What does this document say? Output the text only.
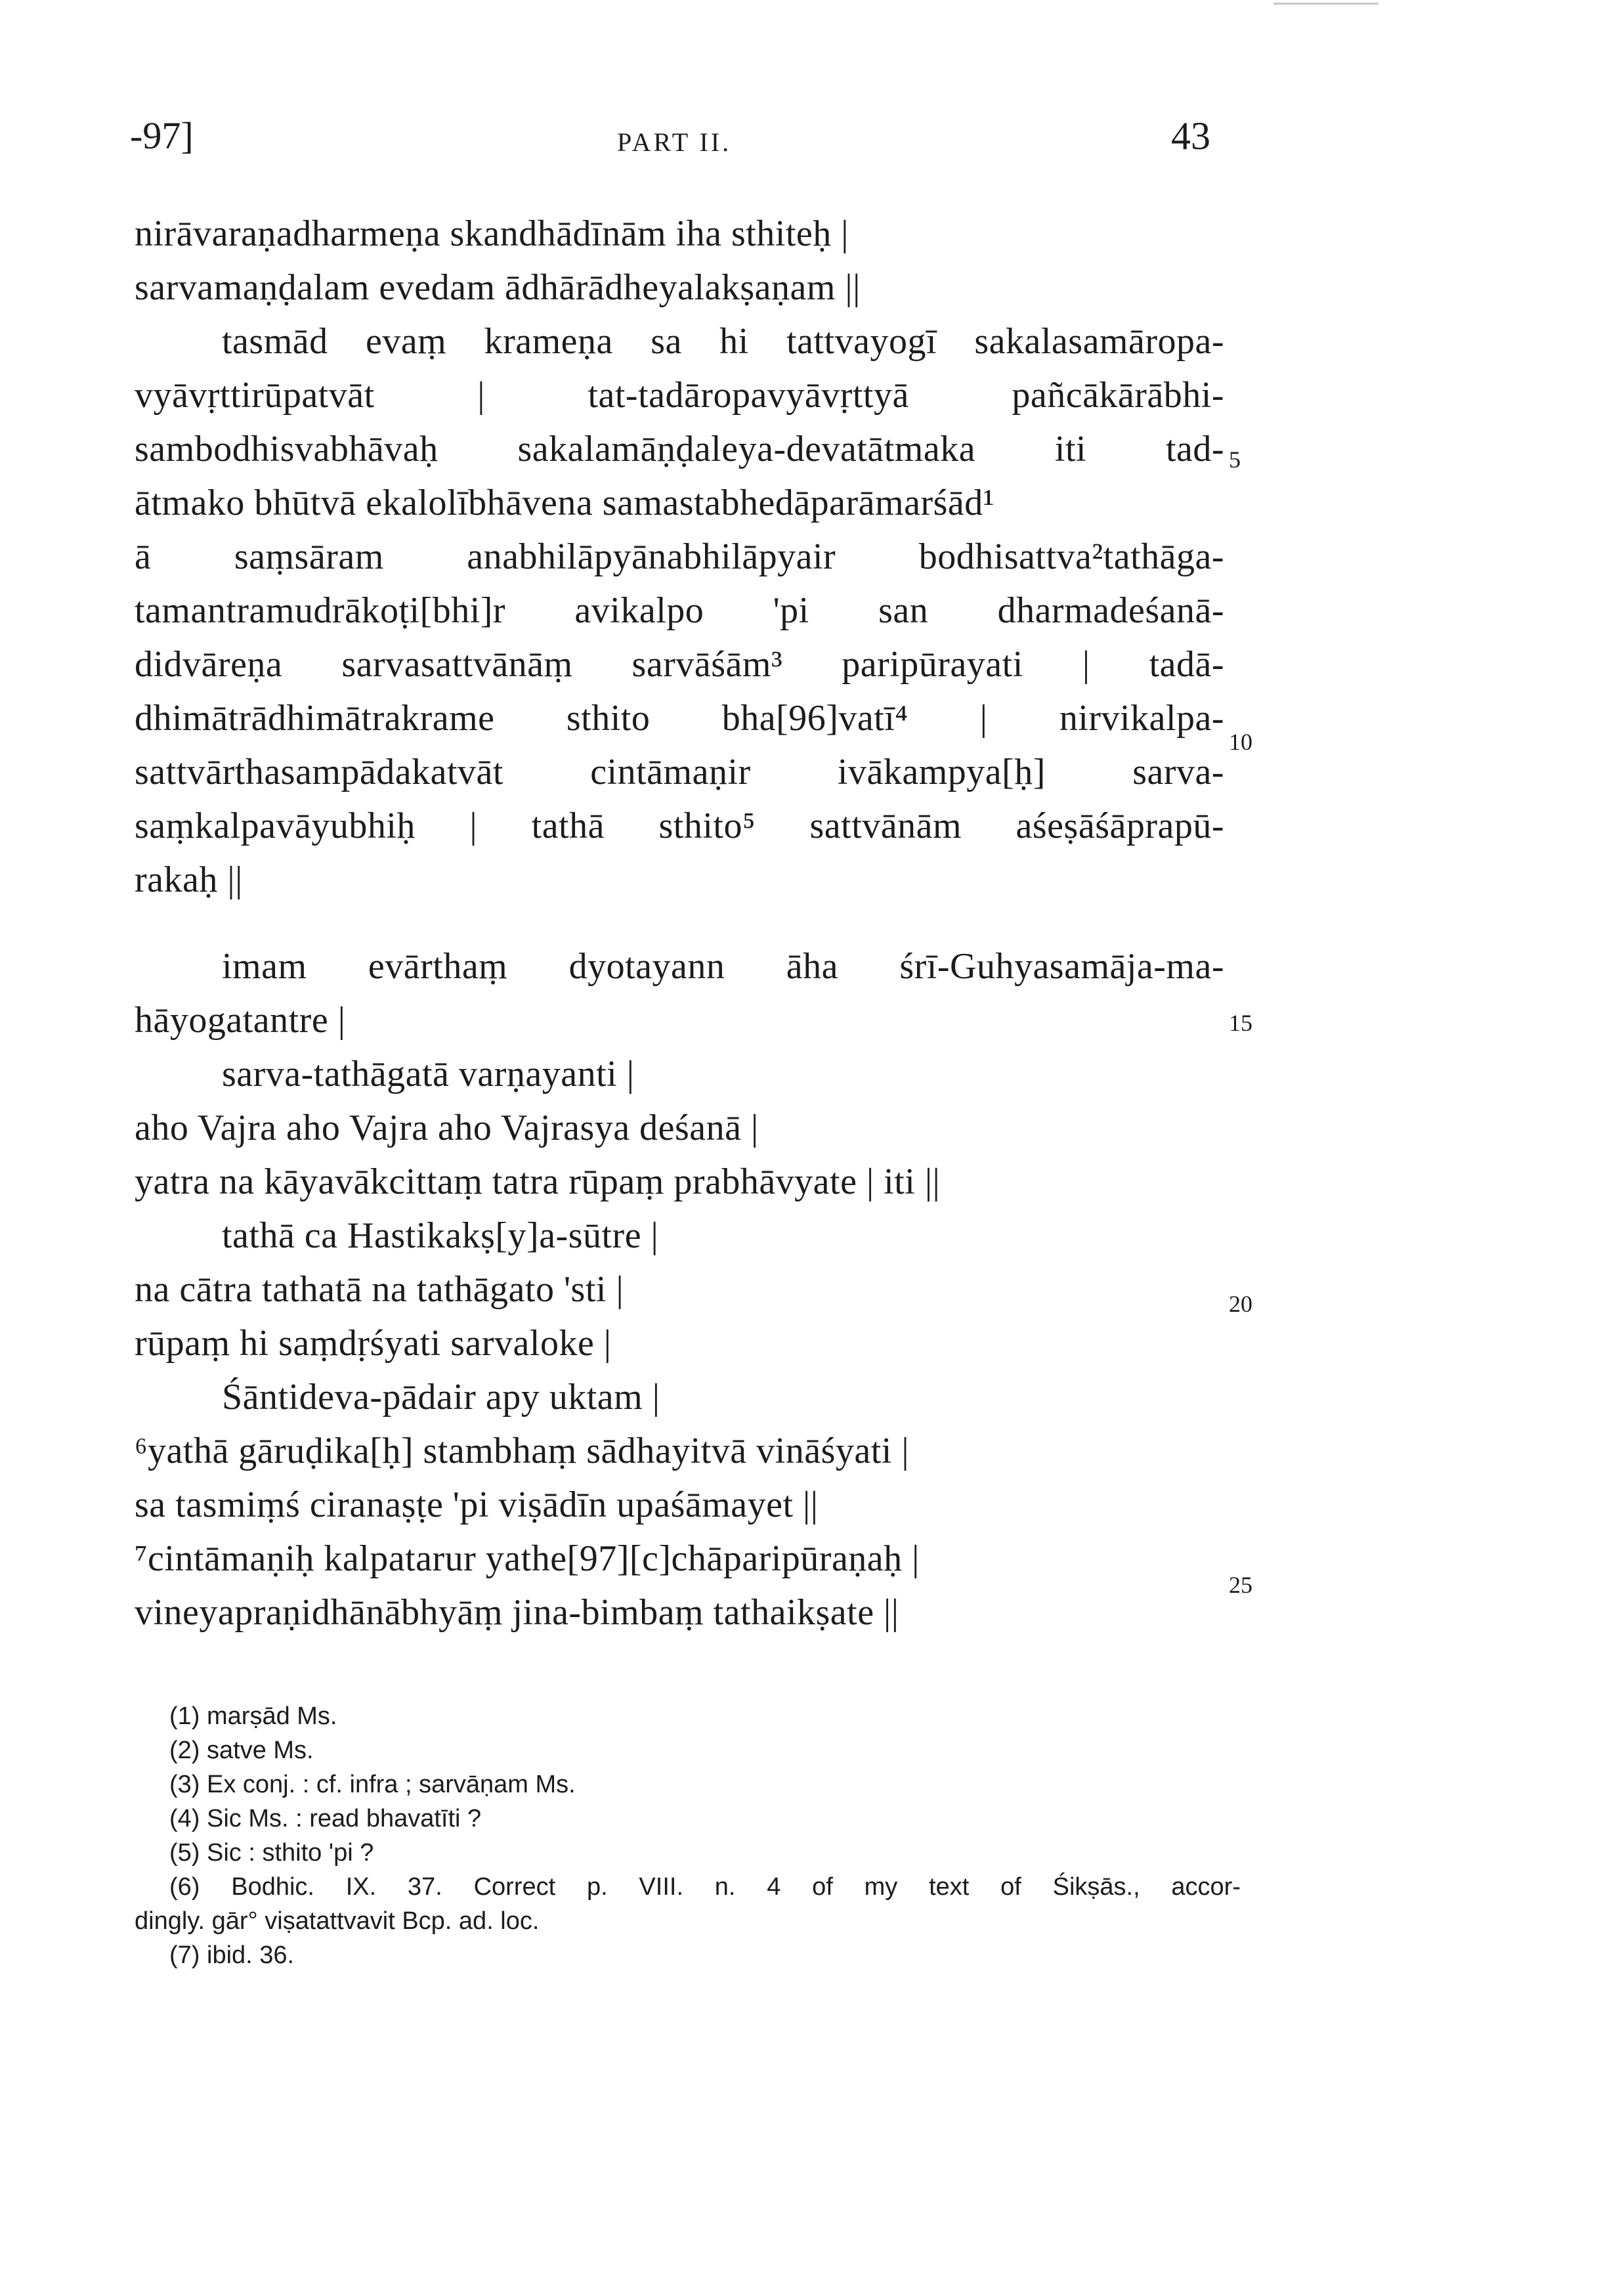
-97]	PART II.	43
nirāvaraṇadharmeṇa skandhādīnām iha sthiteḥ |
sarvamaṇḍalam evedam ādhārādheyalakṣaṇam ||
tasmād evaṃ krameṇa sa hi tattvayogī sakalasamāropa-
vyāvṛttirūpatvāt | tat-tadāropavyāvṛttyā pañcākārābhi-
sambodhisvabhāvaḥ sakalamāṇḍaleya-devatātmaka iti tad-
ātmako bhūtvā ekalolībhāvena samastabhedāparāmarśād¹
ā saṃsāram anabhilāpyānabhilāpyair bodhisattva²tathāga-
tamantramudrākoṭi[bhi]r avikalpo 'pi san dharmadeśanā-
didvāreṇa sarvasattvānāṃ sarvāśām³ paripūrayati | tadā-
dhimātrādhimātrakrame sthito bha[96]vatī⁴ | nirvikalpa-
sattvārthasampādakatvāt cintāmaṇir ivākampya[ḥ] sarva-
saṃkalpavāyubhiḥ | tathā sthito⁵ sattvānām aśeṣāśāprapū-
rakaḥ ||
imam evārthaṃ dyotayann āha śrī-Guhyasamāja-ma-
hāyogatantre |
sarva-tathāgatā varṇayanti |
aho Vajra aho Vajra aho Vajrasya deśanā |
yatra na kāyavākcittaṃ tatra rūpaṃ prabhāvyate | iti ||
tathā ca Hastikakṣ[y]a-sūtre |
na cātra tathatā na tathāgato 'sti |
rūpaṃ hi saṃdṛśyati sarvaloke |
Śāntideva-pādair apy uktam |
⁶yathā gāruḍika[ḥ] stambhaṃ sādhayitvā vināśyati |
sa tasmiṃś ciranaṣṭe 'pi viṣādīn upaśāmayet ||
⁷cintāmaṇiḥ kalpatarur yathe[97][c]chāparipūraṇaḥ |
vineyapraṇidhānābhyāṃ jina-bimbaṃ tathaikṣate ||
5
10
15
20
25
(1) marṣād Ms.
(2) satve Ms.
(3) Ex conj. : cf. infra ; sarvāṇam Ms.
(4) Sic Ms. : read bhavatīti ?
(5) Sic : sthito 'pi ?
(6) Bodhic. IX. 37. Correct p. VIII. n. 4 of my text of Śikṣās., accor-
dingly. gār° viṣatattvavit Bcp. ad. loc.
(7) ibid. 36.
